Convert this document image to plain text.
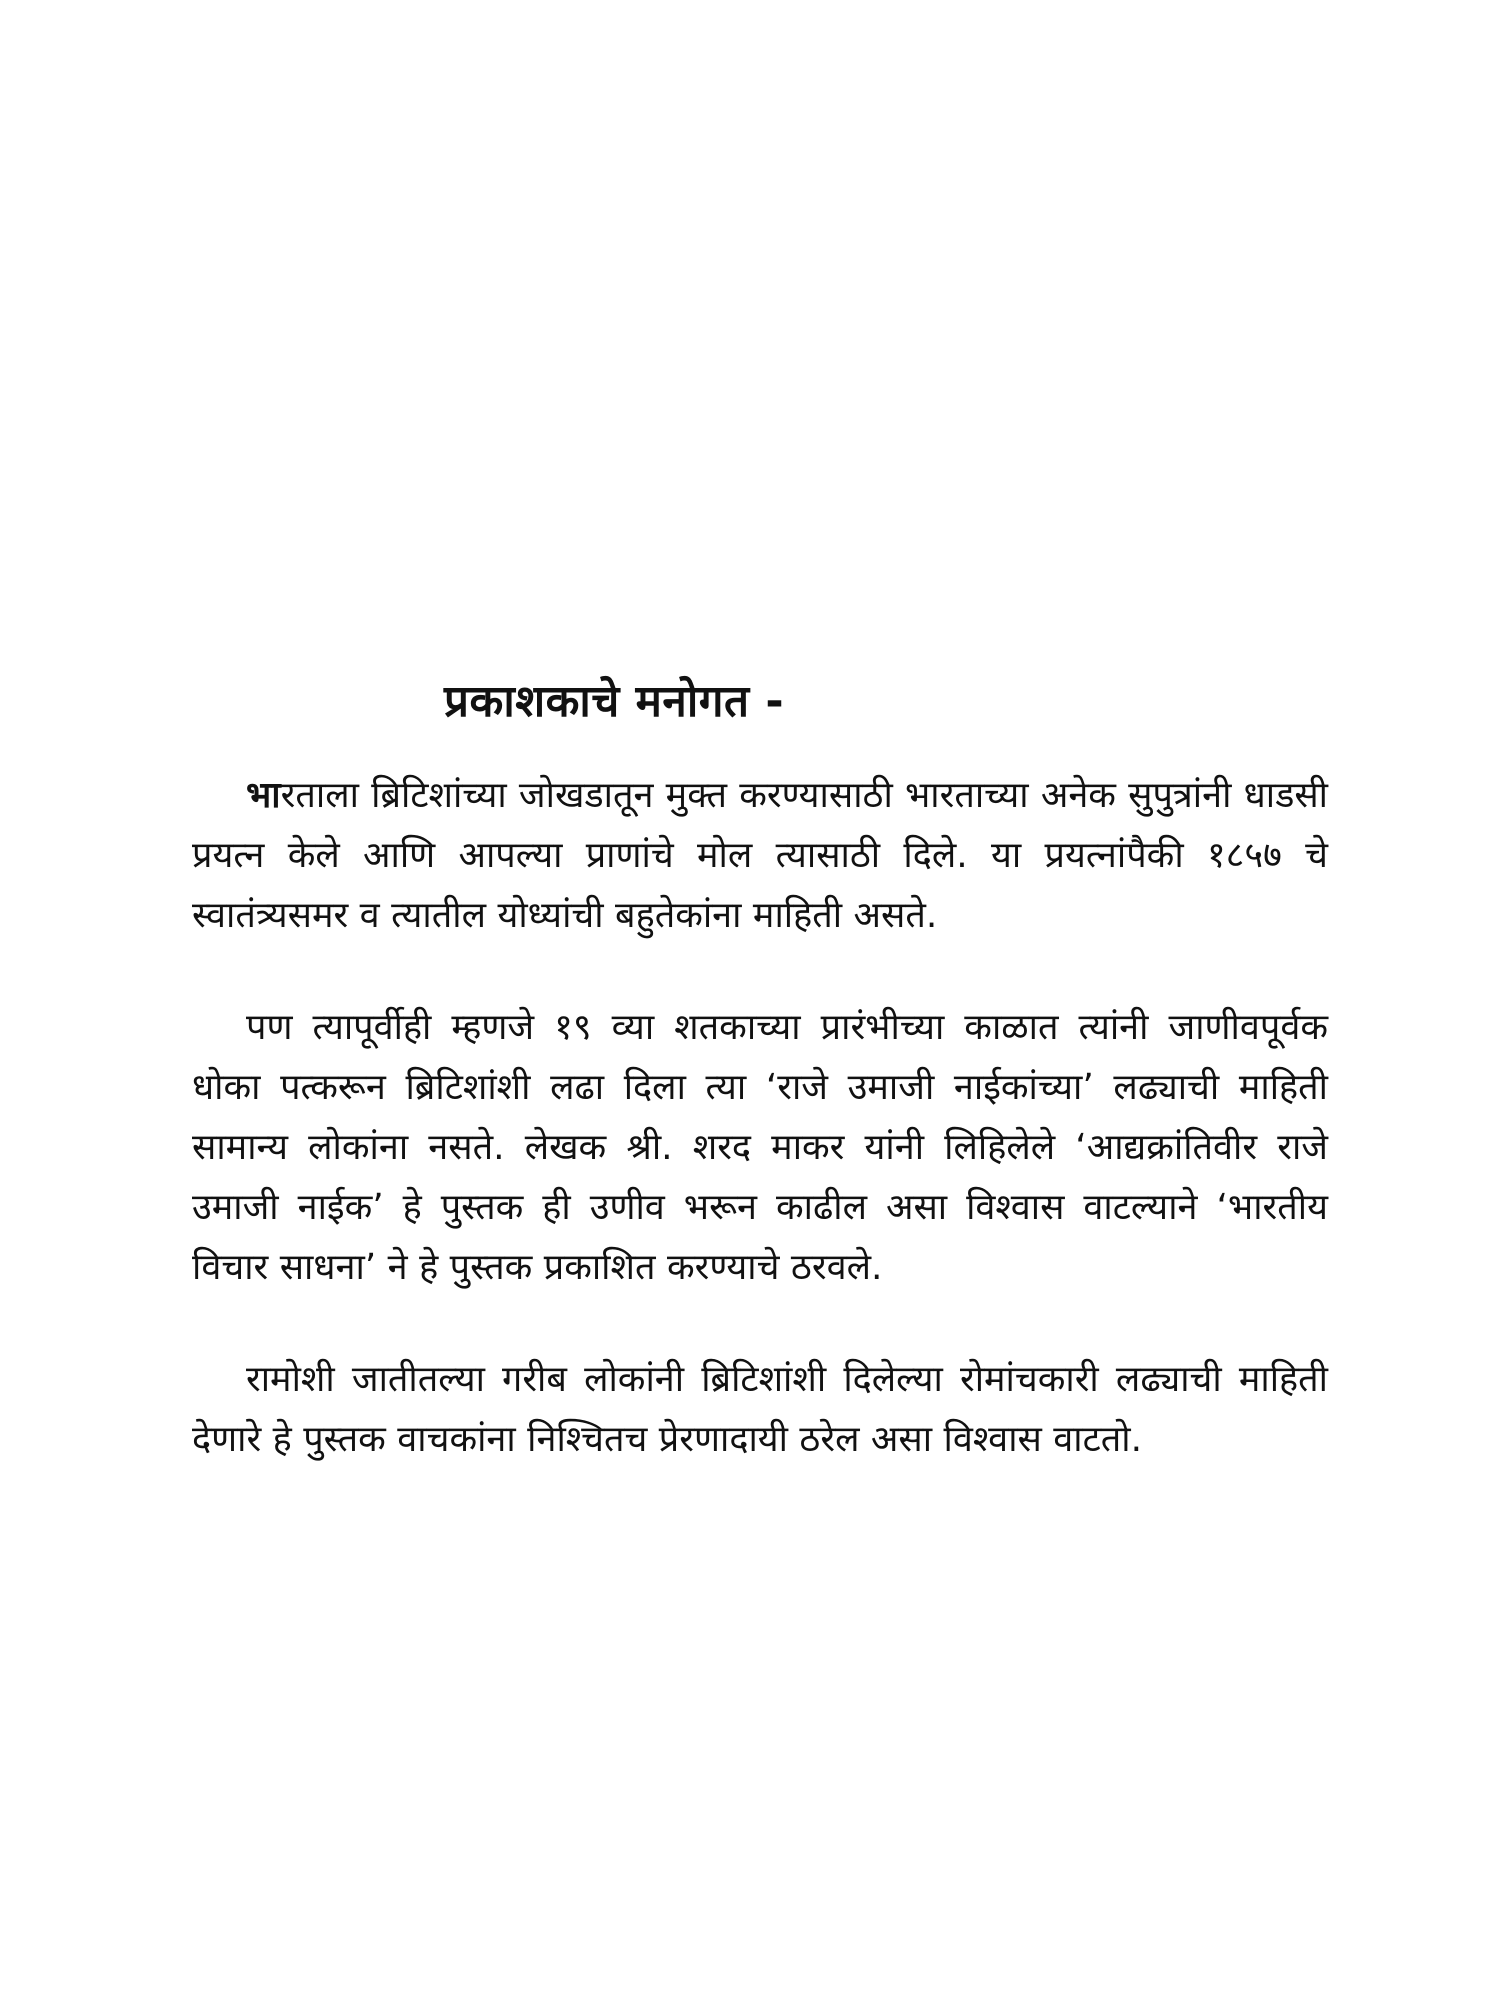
प्रकाशकाचे मनोगत -

भारताला ब्रिटिशांच्या जोखडातून मुक्त करण्यासाठी भारताच्या अनेक सुपुत्रांनी धाडसी प्रयत्न केले आणि आपल्या प्राणांचे मोल त्यासाठी दिले. या प्रयत्नांपैकी १८५७ चे स्वातंत्र्यसमर व त्यातील योध्यांची बहुतेकांना माहिती असते.

पण त्यापूर्वीही म्हणजे १९ व्या शतकाच्या प्रारंभीच्या काळात त्यांनी जाणीवपूर्वक धोका पत्करून ब्रिटिशांशी लढा दिला त्या ‘राजे उमाजी नाईकांच्या’ लढ्याची माहिती सामान्य लोकांना नसते. लेखक श्री. शरद माकर यांनी लिहिलेले ‘आद्यक्रांतिवीर राजे उमाजी नाईक’ हे पुस्तक ही उणीव भरून काढील असा विश्वास वाटल्याने ‘भारतीय विचार साधना’ ने हे पुस्तक प्रकाशित करण्याचे ठरवले.

रामोशी जातीतल्या गरीब लोकांनी ब्रिटिशांशी दिलेल्या रोमांचकारी लढ्याची माहिती देणारे हे पुस्तक वाचकांना निश्चितच प्रेरणादायी ठरेल असा विश्वास वाटतो.
